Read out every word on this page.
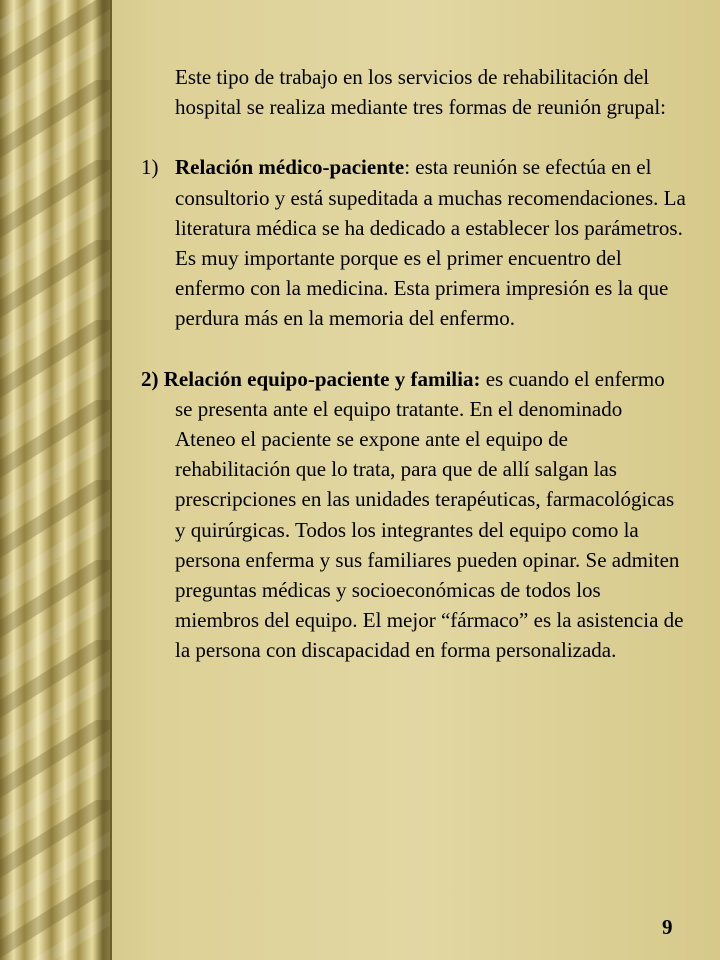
Este tipo de trabajo en los servicios de rehabilitación del hospital se realiza mediante tres formas de reunión grupal:

1) Relación médico-paciente: esta reunión se efectúa en el consultorio y está supeditada a muchas recomendaciones. La literatura médica se ha dedicado a establecer los parámetros. Es muy importante porque es el primer encuentro del enfermo con la medicina. Esta primera impresión es la que perdura más en la memoria del enfermo.

2) Relación equipo-paciente y familia: es cuando el enfermo se presenta ante el equipo tratante. En el denominado Ateneo el paciente se expone ante el equipo de rehabilitación que lo trata, para que de allí salgan las prescripciones en las unidades terapéuticas, farmacológicas y quirúrgicas. Todos los integrantes del equipo como la persona enferma y sus familiares pueden opinar. Se admiten preguntas médicas y socioeconómicas de todos los miembros del equipo. El mejor “fármaco” es la asistencia de la persona con discapacidad en forma personalizada.

9
